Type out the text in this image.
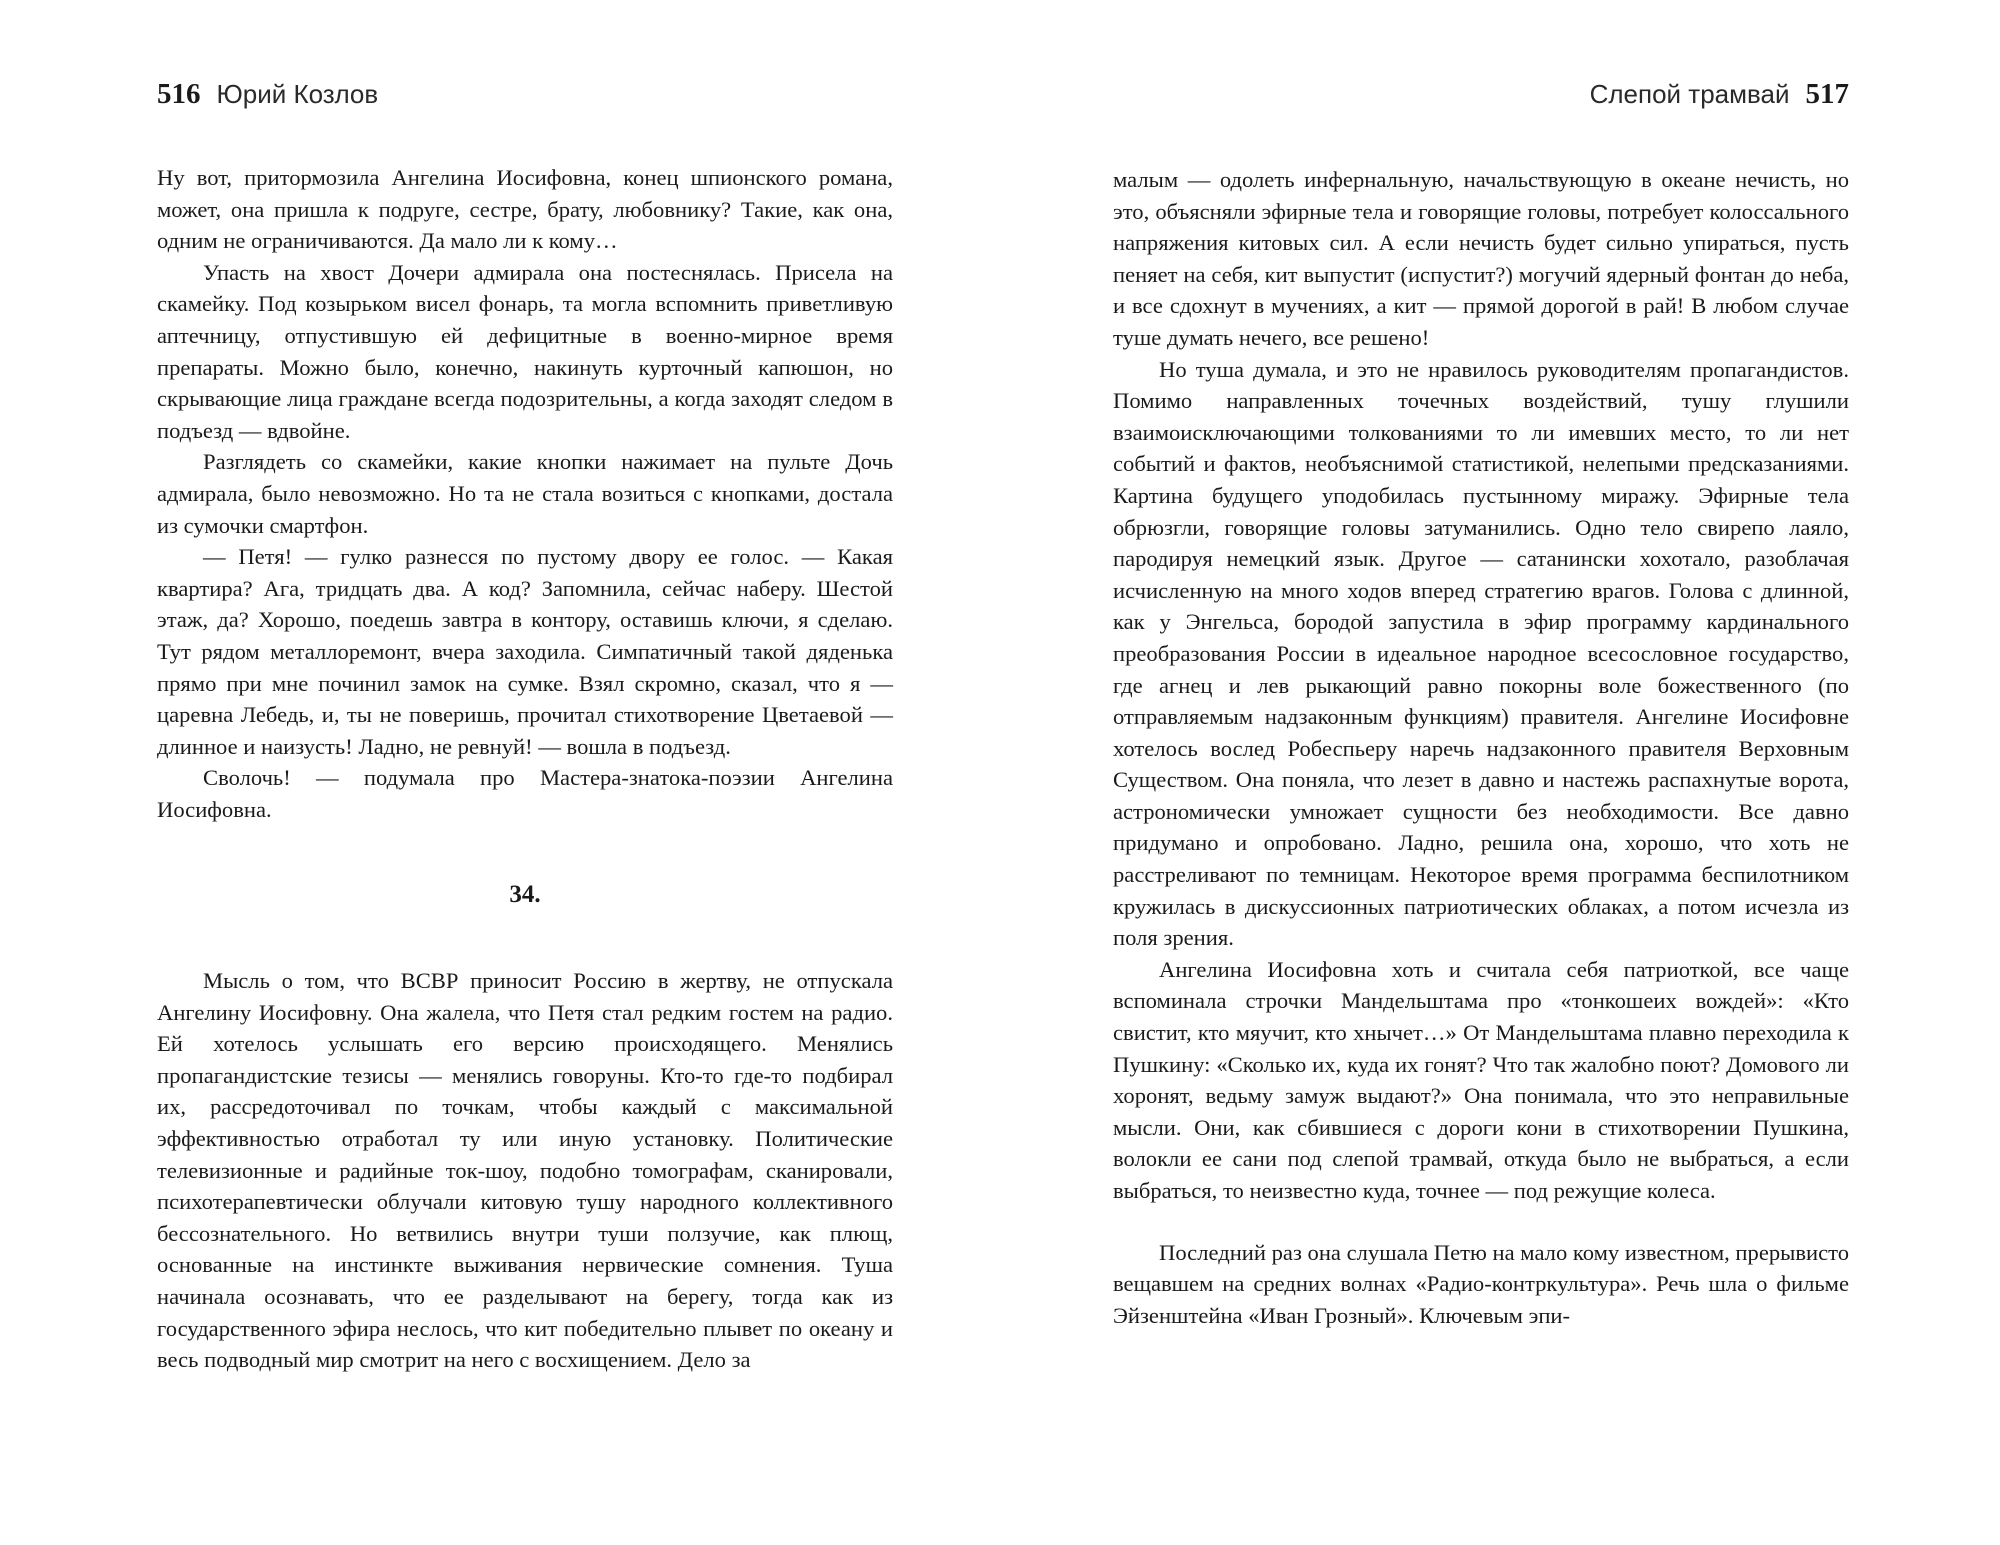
516 Юрий Козлов

Ну вот, притормозила Ангелина Иосифовна, конец шпионского романа, может, она пришла к подруге, сестре, брату, любовнику? Такие, как она, одним не ограничиваются. Да мало ли к кому…

Упасть на хвост Дочери адмирала она постеснялась. Присела на скамейку. Под козырьком висел фонарь, та могла вспомнить приветливую аптечницу, отпустившую ей дефицитные в военно-мирное время препараты. Можно было, конечно, накинуть курточный капюшон, но скрывающие лица граждане всегда подозрительны, а когда заходят следом в подъезд — вдвойне.

Разглядеть со скамейки, какие кнопки нажимает на пульте Дочь адмирала, было невозможно. Но та не стала возиться с кнопками, достала из сумочки смартфон.

— Петя! — гулко разнесся по пустому двору ее голос. — Какая квартира? Ага, тридцать два. А код? Запомнила, сейчас наберу. Шестой этаж, да? Хорошо, поедешь завтра в контору, оставишь ключи, я сделаю. Тут рядом металлоремонт, вчера заходила. Симпатичный такой дяденька прямо при мне починил замок на сумке. Взял скромно, сказал, что я — царевна Лебедь, и, ты не поверишь, прочитал стихотворение Цветаевой — длинное и наизусть! Ладно, не ревнуй! — вошла в подъезд.

Сволочь! — подумала про Мастера-знатока-поэзии Ангелина Иосифовна.

34.

Мысль о том, что ВСВР приносит Россию в жертву, не отпускала Ангелину Иосифовну. Она жалела, что Петя стал редким гостем на радио. Ей хотелось услышать его версию происходящего. Менялись пропагандистские тезисы — менялись говоруны. Кто-то где-то подбирал их, рассредоточивал по точкам, чтобы каждый с максимальной эффективностью отработал ту или иную установку. Политические телевизионные и радийные ток-шоу, подобно томографам, сканировали, психотерапевтически облучали китовую тушу народного коллективного бессознательного. Но ветвились внутри туши ползучие, как плющ, основанные на инстинкте выживания нервические сомнения. Туша начинала осознавать, что ее разделывают на берегу, тогда как из государственного эфира неслось, что кит победительно плывет по океану и весь подводный мир смотрит на него с восхищением. Дело за

Слепой трамвай 517

малым — одолеть инфернальную, начальствующую в океане нечисть, но это, объясняли эфирные тела и говорящие головы, потребует колоссального напряжения китовых сил. А если нечисть будет сильно упираться, пусть пеняет на себя, кит выпустит (испустит?) могучий ядерный фонтан до неба, и все сдохнут в мучениях, а кит — прямой дорогой в рай! В любом случае туше думать нечего, все решено!

Но туша думала, и это не нравилось руководителям пропагандистов. Помимо направленных точечных воздействий, тушу глушили взаимоисключающими толкованиями то ли имевших место, то ли нет событий и фактов, необъяснимой статистикой, нелепыми предсказаниями. Картина будущего уподобилась пустынному миражу. Эфирные тела обрюзгли, говорящие головы затуманились. Одно тело свирепо лаяло, пародируя немецкий язык. Другое — сатанински хохотало, разоблачая исчисленную на много ходов вперед стратегию врагов. Голова с длинной, как у Энгельса, бородой запустила в эфир программу кардинального преобразования России в идеальное народное всесословное государство, где агнец и лев рыкающий равно покорны воле божественного (по отправляемым надзаконным функциям) правителя. Ангелине Иосифовне хотелось вослед Робеспьеру наречь надзаконного правителя Верховным Существом. Она поняла, что лезет в давно и настежь распахнутые ворота, астрономически умножает сущности без необходимости. Все давно придумано и опробовано. Ладно, решила она, хорошо, что хоть не расстреливают по темницам. Некоторое время программа беспилотником кружилась в дискуссионных патриотических облаках, а потом исчезла из поля зрения.

Ангелина Иосифовна хоть и считала себя патриоткой, все чаще вспоминала строчки Мандельштама про «тонкошеих вождей»: «Кто свистит, кто мяучит, кто хнычет…» От Мандельштама плавно переходила к Пушкину: «Сколько их, куда их гонят? Что так жалобно поют? Домового ли хоронят, ведьму замуж выдают?» Она понимала, что это неправильные мысли. Они, как сбившиеся с дороги кони в стихотворении Пушкина, волокли ее сани под слепой трамвай, откуда было не выбраться, а если выбраться, то неизвестно куда, точнее — под режущие колеса.

Последний раз она слушала Петю на мало кому известном, прерывисто вещавшем на средних волнах «Радио-контркультура». Речь шла о фильме Эйзенштейна «Иван Грозный». Ключевым эпи-
